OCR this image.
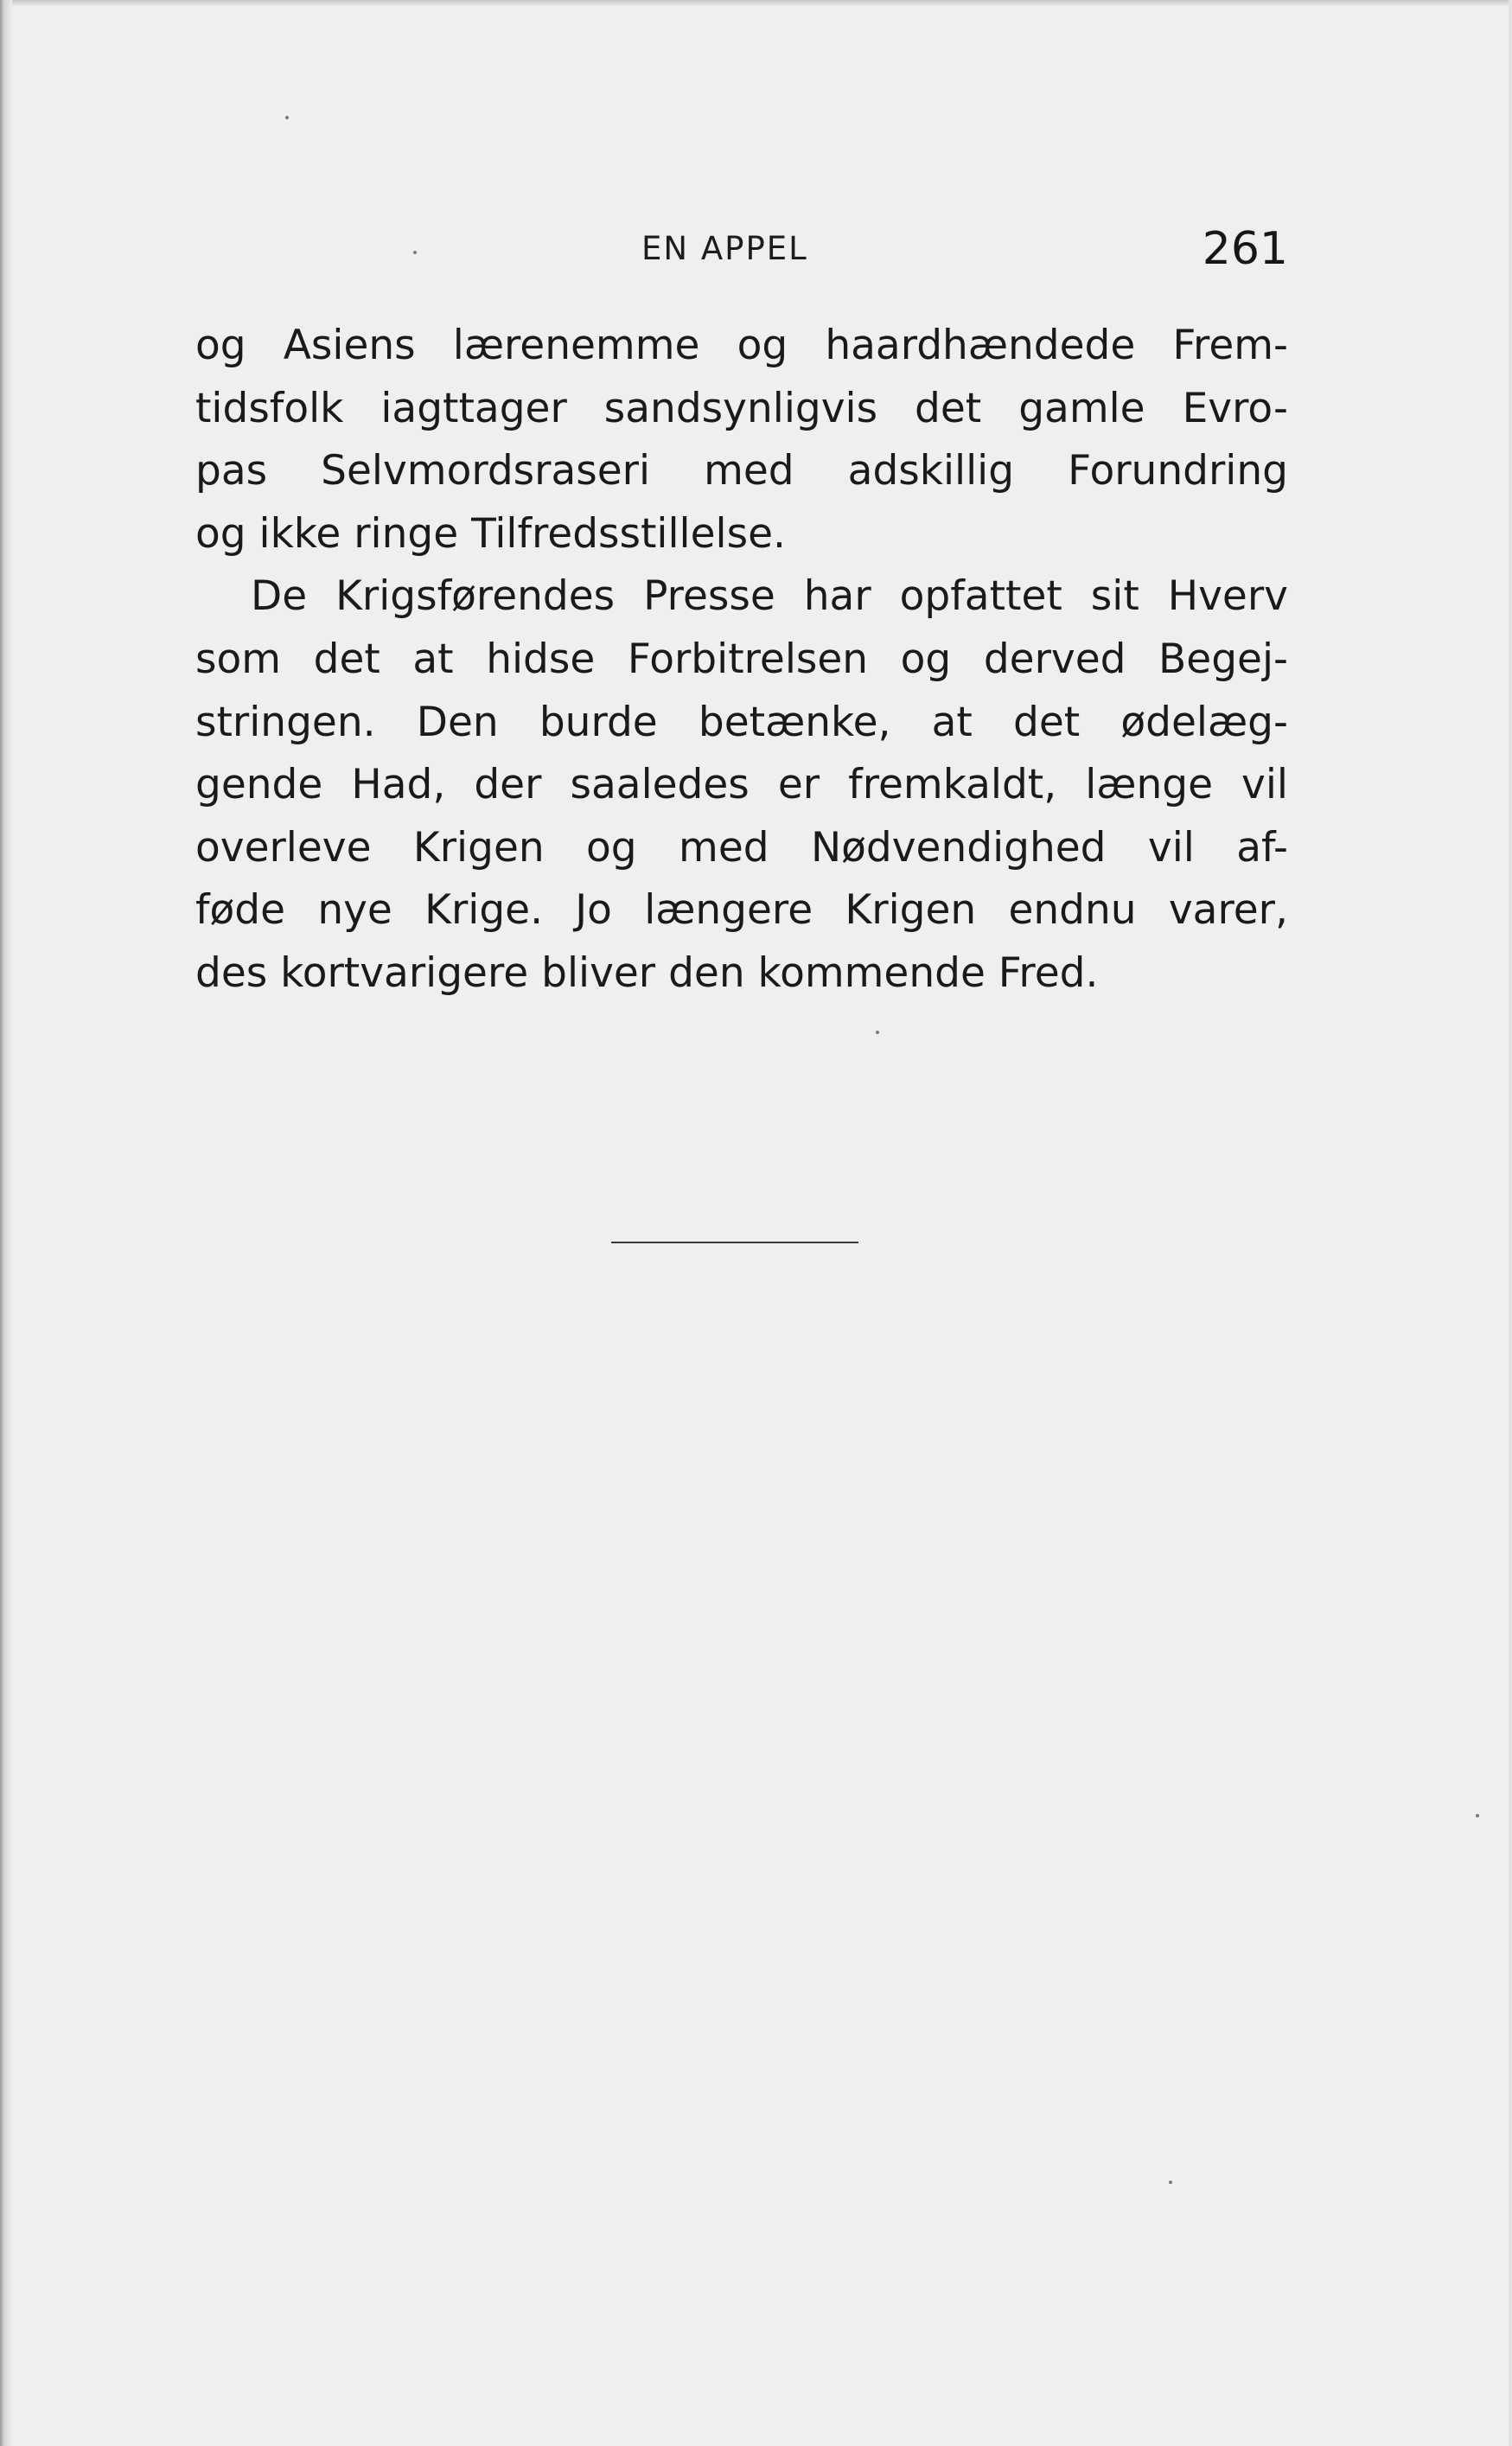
EN APPEL	261
og Asiens lærenemme og haardhændede Frem-
tidsfolk iagttager sandsynligvis det gamle Evro-
pas Selvmordsraseri med adskillig Forundring
og ikke ringe Tilfredsstillelse.
De Krigsførendes Presse har opfattet sit Hverv
som det at hidse Forbitrelsen og derved Begej-
stringen. Den burde betænke, at det ødelæg-
gende Had, der saaledes er fremkaldt, længe vil
overleve Krigen og med Nødvendighed vil af-
føde nye Krige. Jo længere Krigen endnu varer,
des kortvarigere bliver den kommende Fred.
